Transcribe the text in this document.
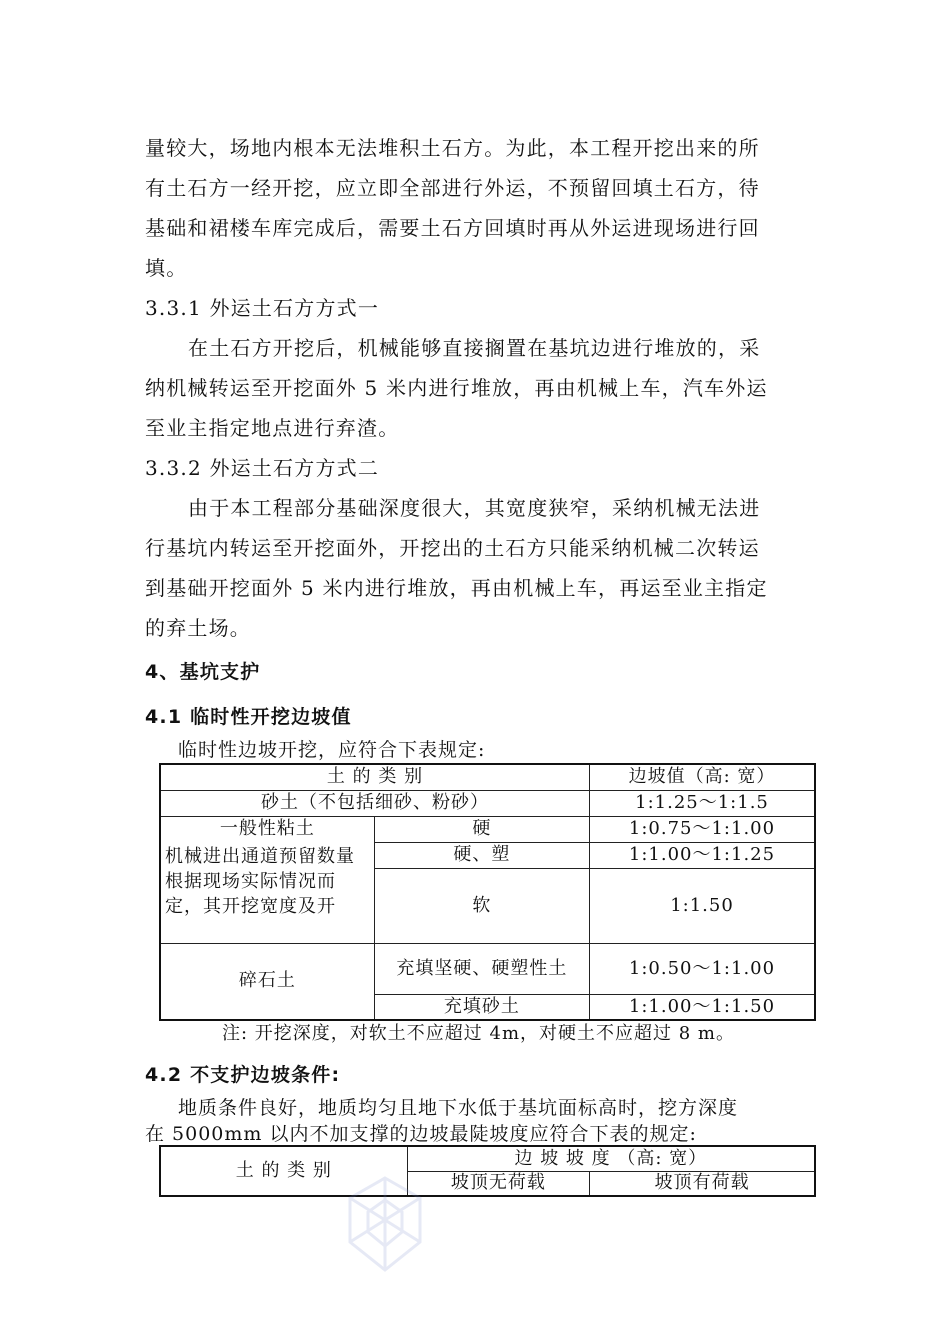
量较大，场地内根本无法堆积土石方。为此，本工程开挖出来的所
有土石方一经开挖，应立即全部进行外运，不预留回填土石方，待
基础和裙楼车库完成后，需要土石方回填时再从外运进现场进行回
填。
3.3.1 外运土石方方式一
在土石方开挖后，机械能够直接搁置在基坑边进行堆放的，采
纳机械转运至开挖面外 5 米内进行堆放，再由机械上车，汽车外运
至业主指定地点进行弃渣。
3.3.2 外运土石方方式二
由于本工程部分基础深度很大，其宽度狭窄，采纳机械无法进
行基坑内转运至开挖面外，开挖出的土石方只能采纳机械二次转运
到基础开挖面外 5 米内进行堆放，再由机械上车，再运至业主指定
的弃土场。
4、基坑支护
4.1 临时性开挖边坡值
临时性边坡开挖，应符合下表规定:
土 的 类 别		边坡值（高: 宽）
砂土（不包括细砂、粉砂）		1:1.25～1:1.5
一般性粘土	硬	1:0.75～1:1.00
机械进出通道预留数量根据现场实际情况而定，其开挖宽度及开	硬、塑	1:1.00～1:1.25
	软	1:1.50
碎石土	充填坚硬、硬塑性土	1:0.50～1:1.00
	充填砂土	1:1.00～1:1.50
注: 开挖深度，对软土不应超过 4m，对硬土不应超过 8 m。
4.2 不支护边坡条件:
地质条件良好，地质均匀且地下水低于基坑面标高时，挖方深度
在 5000mm 以内不加支撑的边坡最陡坡度应符合下表的规定:
土 的 类 别	边 坡 坡 度 （高: 宽）	
	坡顶无荷载	坡顶有荷载
